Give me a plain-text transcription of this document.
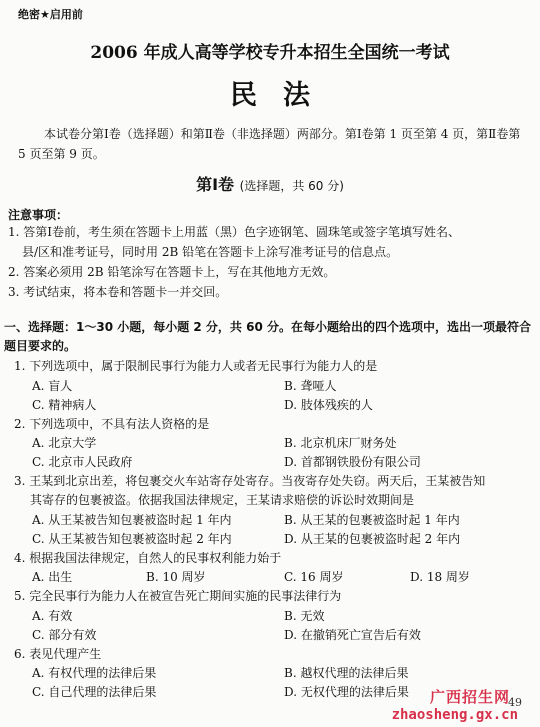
绝密★启用前
2006 年成人高等学校专升本招生全国统一考试
民法
本试卷分第Ⅰ卷（选择题）和第Ⅱ卷（非选择题）两部分。第Ⅰ卷第 1 页至第 4 页，第Ⅱ卷第 5 页至第 9 页。
第Ⅰ卷 (选择题，共 60 分)
注意事项：
1. 答第Ⅰ卷前，考生须在答题卡上用蓝（黑）色字迹钢笔、圆珠笔或签字笔填写姓名、
县/区和准考证号，同时用 2B 铅笔在答题卡上涂写准考证号的信息点。
2. 答案必须用 2B 铅笔涂写在答题卡上，写在其他地方无效。
3. 考试结束，将本卷和答题卡一并交回。
一、选择题：1～30 小题，每小题 2 分，共 60 分。在每小题给出的四个选项中，选出一项最符合题目要求的。
1. 下列选项中，属于限制民事行为能力人或者无民事行为能力人的是
A. 盲人	B. 聋哑人
C. 精神病人	D. 肢体残疾的人
2. 下列选项中，不具有法人资格的是
A. 北京大学	B. 北京机床厂财务处
C. 北京市人民政府	D. 首都钢铁股份有限公司
3. 王某到北京出差，将包裹交火车站寄存处寄存。当夜寄存处失窃。两天后，王某被告知
其寄存的包裹被盗。依据我国法律规定，王某请求赔偿的诉讼时效期间是
A. 从王某被告知包裹被盗时起 1 年内	B. 从王某的包裹被盗时起 1 年内
C. 从王某被告知包裹被盗时起 2 年内	D. 从王某的包裹被盗时起 2 年内
4. 根据我国法律规定，自然人的民事权利能力始于
A. 出生	B. 10 周岁	C. 16 周岁	D. 18 周岁
5. 完全民事行为能力人在被宣告死亡期间实施的民事法律行为
A. 有效	B. 无效
C. 部分有效	D. 在撤销死亡宣告后有效
6. 表见代理产生
A. 有权代理的法律后果	B. 越权代理的法律后果
C. 自己代理的法律后果	D. 无权代理的法律后果 广西招生网
49
zhaosheng.gx.cn
